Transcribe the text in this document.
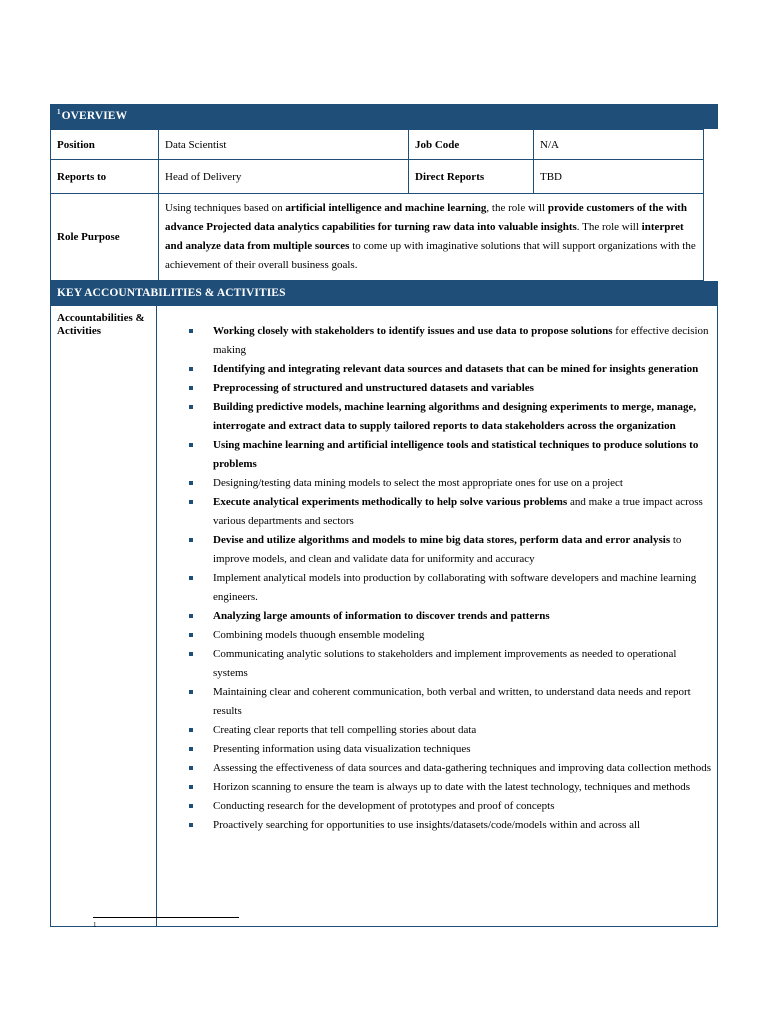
$^1$OVERVIEW
Position	Data Scientist	Job Code	N/A
Reports to	Head of Delivery	Direct Reports	TBD
Role Purpose	Using techniques based on artificial intelligence and machine learning, the role will provide customers of the with advance Projected data analytics capabilities for turning raw data into valuable insights. The role will interpret and analyze data from multiple sources to come up with imaginative solutions that will support organizations with the achievement of their overall business goals.		
KEY ACCOUNTABILITIES & ACTIVITIES
Accountabilities & Activities	Working closely with stakeholders to identify issues and use data to propose solutions for effective decision making
Identifying and integrating relevant data sources and datasets that can be mined for insights generation
Preprocessing of structured and unstructured datasets and variables
Building predictive models, machine learning algorithms and designing experiments to merge, manage, interrogate and extract data to supply tailored reports to data stakeholders across the organization
Using machine learning and artificial intelligence tools and statistical techniques to produce solutions to problems
Designing/testing data mining models to select the most appropriate ones for use on a project
Execute analytical experiments methodically to help solve various problems and make a true impact across various departments and sectors
Devise and utilize algorithms and models to mine big data stores, perform data and error analysis to improve models, and clean and validate data for uniformity and accuracy
Implement analytical models into production by collaborating with software developers and machine learning engineers.
Analyzing large amounts of information to discover trends and patterns
Combining models thuough ensemble modeling
Communicating analytic solutions to stakeholders and implement improvements as needed to operational systems
Maintaining clear and coherent communication, both verbal and written, to understand data needs and report results
Creating clear reports that tell compelling stories about data
Presenting information using data visualization techniques
Assessing the effectiveness of data sources and data-gathering techniques and improving data collection methods
Horizon scanning to ensure the team is always up to date with the latest technology, techniques and methods
Conducting research for the development of prototypes and proof of concepts
Proactively searching for opportunities to use insights/datasets/code/models within and across all
1
